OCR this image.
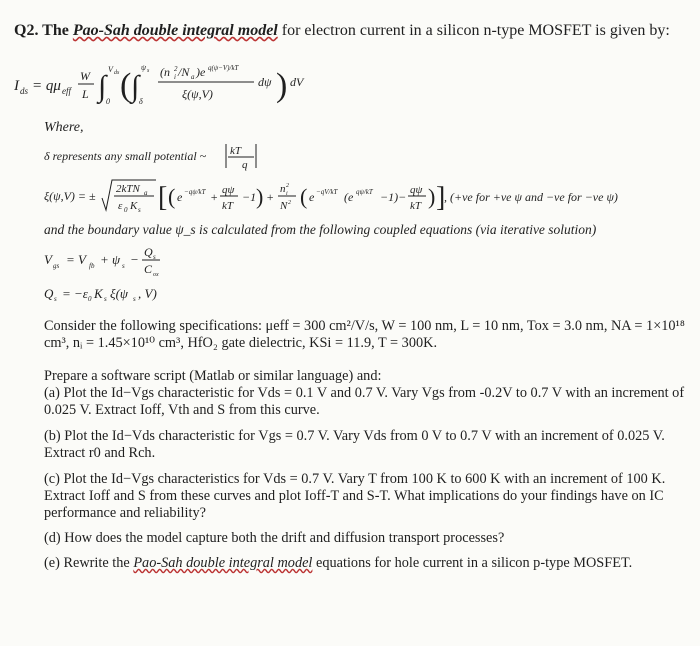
Q2. The Pao-Sah double integral model for electron current in a silicon n-type MOSFET is given by:
I ds = qμ eff
W
L ∫
V ds
0 ( ∫
ψ s
δ
(n i
2 /N a )e q(ψ−V)/kT
ξ(ψ,V)
dψ ) dV
Where,
δ represents any small potential ~ kT
q
ξ(ψ,V) = ± 2kTN a
ε 0 K s [ ( e −qψ/kT + qψ
kT
−1 ) +
n 2
i
N 2 ( e −qV/kT (e qψ/kT −1)− qψ
kT ) ]
, (+ve for +ve ψ and −ve for −ve ψ)
and the boundary value ψ_s is calculated from the following coupled equations (via iterative solution)
V gs = V fb + ψ s − Q s
C ox
Q s = −ε 0 K s ξ(ψ s , V)
Consider the following specifications: μeff = 300 cm²/V/s, W = 100 nm, L = 10 nm, Tox = 3.0 nm, NA = 1×10¹⁸
cm³, nᵢ = 1.45×10¹⁰ cm³, HfO₂ gate dielectric, KSi = 11.9, T = 300K.
Prepare a software script (Matlab or similar language) and:
(a) Plot the Id−Vgs characteristic for Vds = 0.1 V and 0.7 V. Vary Vgs from -0.2V to 0.7 V with an increment of
0.025 V. Extract Ioff, Vth and S from this curve.
(b) Plot the Id−Vds characteristic for Vgs = 0.7 V. Vary Vds from 0 V to 0.7 V with an increment of 0.025 V.
Extract r0 and Rch.
(c) Plot the Id−Vgs characteristics for Vds = 0.7 V. Vary T from 100 K to 600 K with an increment of 100 K.
Extract Ioff and S from these curves and plot Ioff-T and S-T. What implications do your findings have on IC
performance and reliability?
(d) How does the model capture both the drift and diffusion transport processes?
(e) Rewrite the Pao-Sah double integral model equations for hole current in a silicon p-type MOSFET.
